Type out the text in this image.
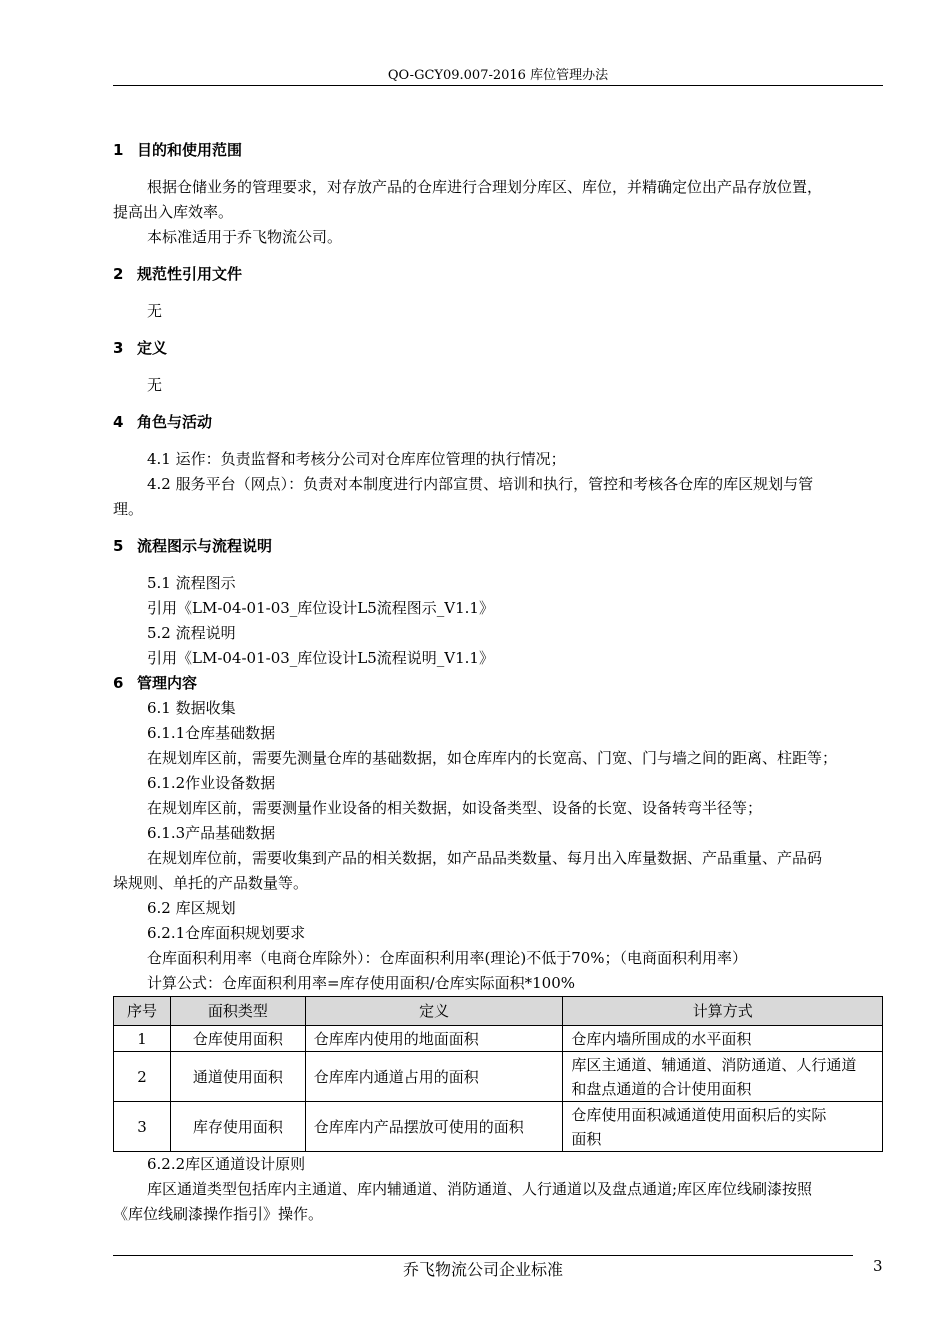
QO-GCY09.007-2016 库位管理办法
1 目的和使用范围
根据仓储业务的管理要求，对存放产品的仓库进行合理划分库区、库位，并精确定位出产品存放位置，
提高出入库效率。
本标准适用于乔飞物流公司。
2 规范性引用文件
无
3 定义
无
4 角色与活动
4.1 运作：负责监督和考核分公司对仓库库位管理的执行情况；
4.2 服务平台（网点）：负责对本制度进行内部宣贯、培训和执行，管控和考核各仓库的库区规划与管
理。
5 流程图示与流程说明
5.1 流程图示
引用《LM-04-01-03_库位设计L5流程图示_V1.1》
5.2 流程说明
引用《LM-04-01-03_库位设计L5流程说明_V1.1》
6 管理内容
6.1 数据收集
6.1.1仓库基础数据
在规划库区前，需要先测量仓库的基础数据，如仓库库内的长宽高、门宽、门与墙之间的距离、柱距等；
6.1.2作业设备数据
在规划库区前，需要测量作业设备的相关数据，如设备类型、设备的长宽、设备转弯半径等；
6.1.3产品基础数据
在规划库位前，需要收集到产品的相关数据，如产品品类数量、每月出入库量数据、产品重量、产品码
垛规则、单托的产品数量等。
6.2 库区规划
6.2.1仓库面积规划要求
仓库面积利用率（电商仓库除外）：仓库面积利用率(理论)不低于70%；（电商面积利用率）
计算公式：仓库面积利用率=库存使用面积/仓库实际面积*100%
序号	面积类型	定义	计算方式
1	仓库使用面积	仓库库内使用的地面面积	仓库内墙所围成的水平面积
2	通道使用面积	仓库库内通道占用的面积	库区主通道、辅通道、消防通道、人行通道
和盘点通道的合计使用面积

3	库存使用面积	仓库库内产品摆放可使用的面积	仓库使用面积减通道使用面积后的实际
面积
6.2.2库区通道设计原则
库区通道类型包括库内主通道、库内辅通道、消防通道、人行通道以及盘点通道;库区库位线刷漆按照
《库位线刷漆操作指引》操作。
乔飞物流公司企业标准	3
